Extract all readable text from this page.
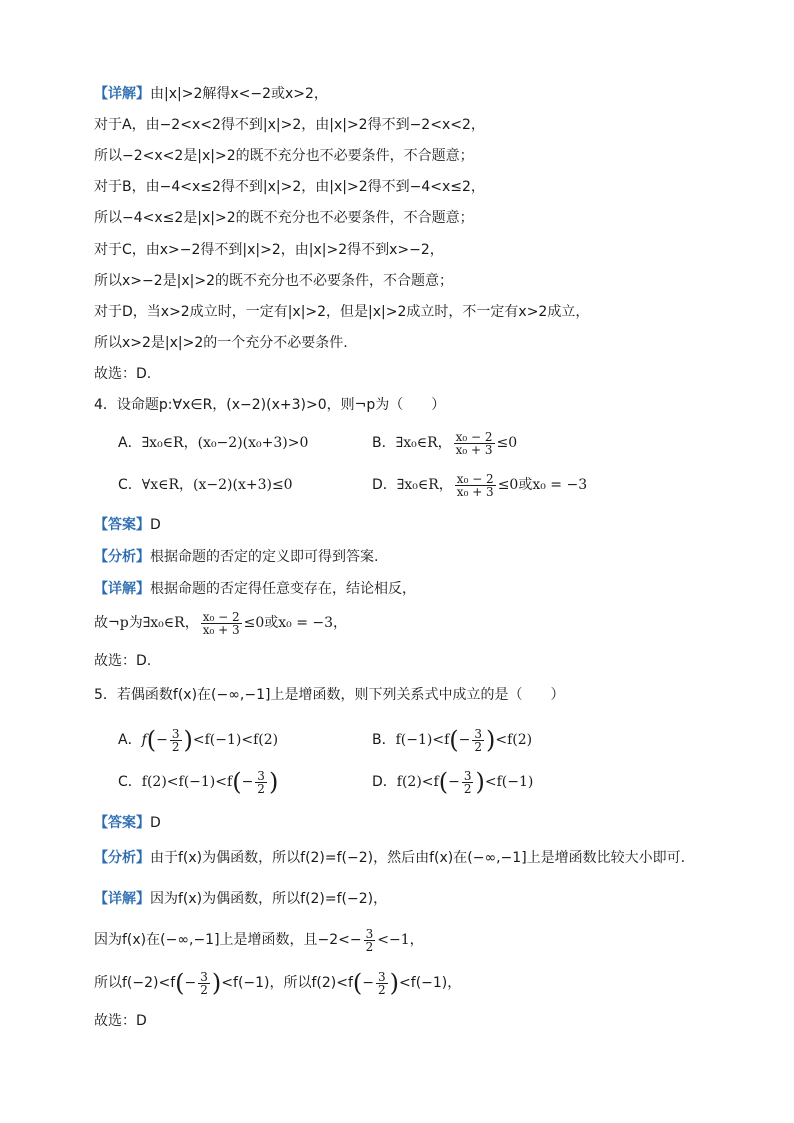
【详解】由|x|>2解得x<−2或x>2，
对于A，由−2<x<2得不到|x|>2，由|x|>2得不到−2<x<2，
所以−2<x<2是|x|>2的既不充分也不必要条件，不合题意；
对于B，由−4<x≤2得不到|x|>2，由|x|>2得不到−4<x≤2，
所以−4<x≤2是|x|>2的既不充分也不必要条件，不合题意；
对于C，由x>−2得不到|x|>2，由|x|>2得不到x>−2，
所以x>−2是|x|>2的既不充分也不必要条件，不合题意；
对于D，当x>2成立时，一定有|x|>2，但是|x|>2成立时，不一定有x>2成立，
所以x>2是|x|>2的一个充分不必要条件.
故选：D.
4．设命题p:∀x∈R，(x−2)(x+3)>0，则¬p为（　　）
A．∃x₀∈R，(x₀−2)(x₀+3)>0	B．∃x₀∈R， $\frac{\text{x₀ − 2}}{\text{x₀ + 3}} \le 0$
C．∀x∈R，(x−2)(x+3)≤0	D．∃x₀∈R， $\frac{\text{x₀ − 2}}{\text{x₀ + 3}} \le 0$或x₀ = −3
【答案】D
【分析】根据命题的否定的定义即可得到答案.
【详解】根据命题的否定得任意变存在，结论相反，
故¬p为∃x₀∈R， $\frac{\text{x₀ − 2}}{\text{x₀ + 3}} \le 0$或x₀ = −3，
故选：D.
5．若偶函数f(x)在(−∞,−1]上是增函数，则下列关系式中成立的是（　　）
A．$f(- \frac{3}{2} )<f(-1)<f(2)$	B．$f(-1)<f(- \frac{3}{2} )<f(2)$
C．$f(2)<f(-1)<f(- \frac{3}{2}$ )	D．$f(2)<f(- \frac{3}{2} )<f(-1)$
【答案】D
【分析】由于f(x)为偶函数，所以f(2)=f(−2)，然后由f(x)在(−∞,−1]上是增函数比较大小即可.
【详解】因为f(x)为偶函数，所以f(2)=f(−2)，
因为f(x)在(−∞,−1]上是增函数，且$-2<- \frac{3}{2} <-1$，
所以$f(-2)<f(- \frac{3}{2} )<f(-1)$，所以$f(2)<f(- \frac{3}{2} )<f(-1)$，
故选：D
